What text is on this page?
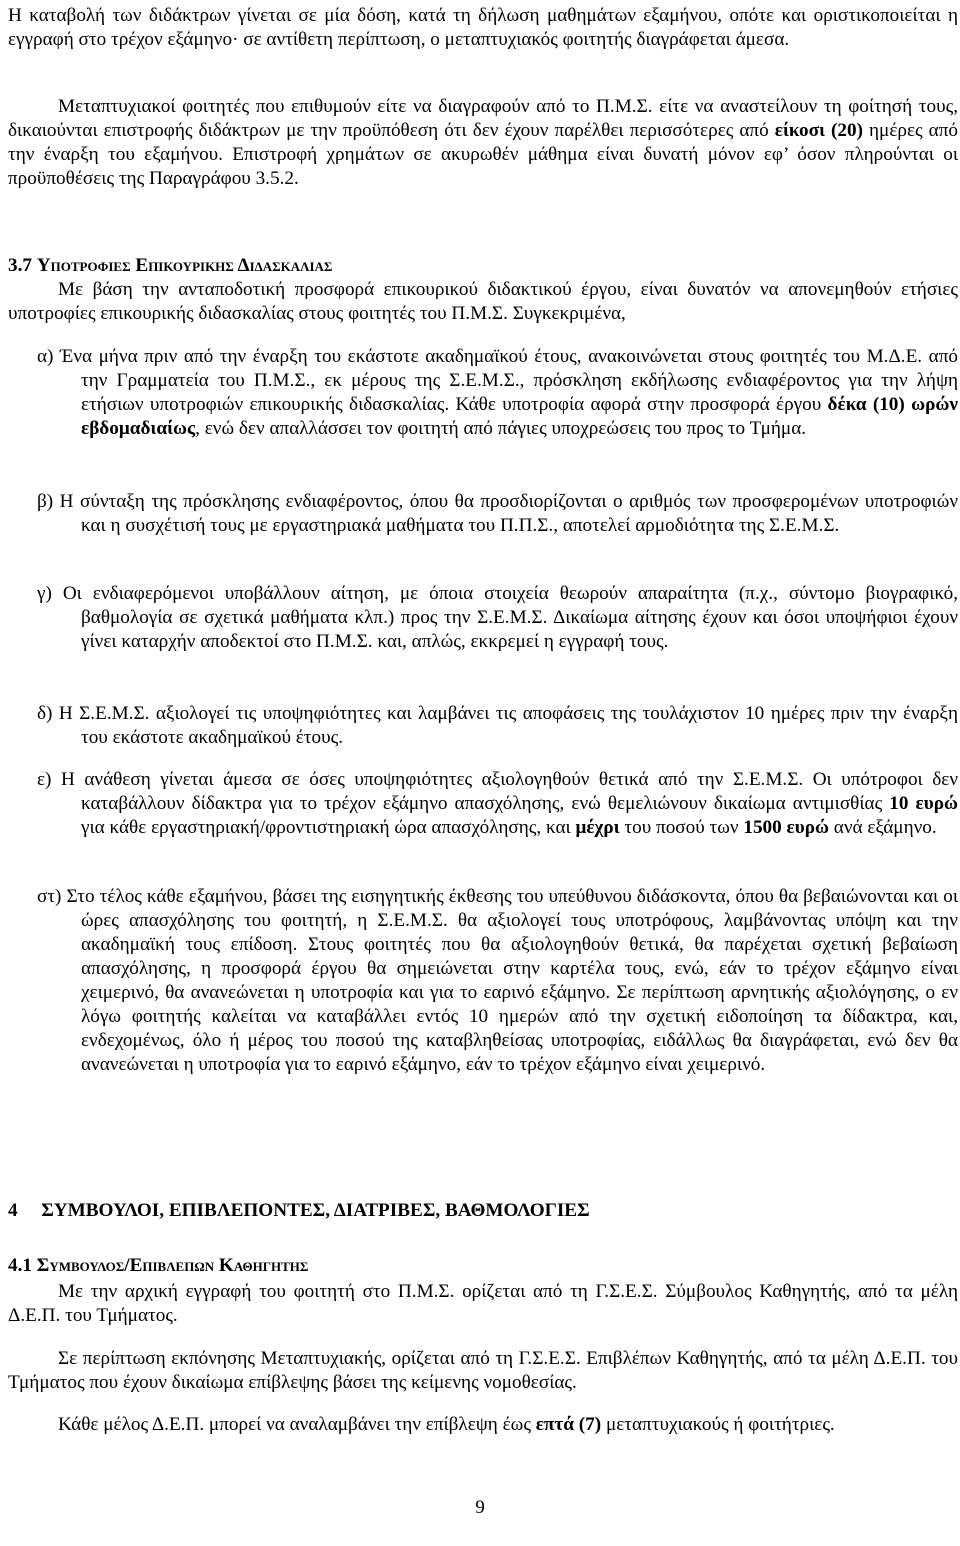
Η καταβολή των διδάκτρων γίνεται σε μία δόση, κατά τη δήλωση μαθημάτων εξαμήνου, οπότε και οριστικοποιείται η εγγραφή στο τρέχον εξάμηνο· σε αντίθετη περίπτωση, ο μεταπτυχιακός φοιτητής διαγράφεται άμεσα.

Μεταπτυχιακοί φοιτητές που επιθυμούν είτε να διαγραφούν από το Π.Μ.Σ. είτε να αναστείλουν τη φοίτησή τους, δικαιούνται επιστροφής διδάκτρων με την προϋπόθεση ότι δεν έχουν παρέλθει περισσότερες από είκοσι (20) ημέρες από την έναρξη του εξαμήνου. Επιστροφή χρημάτων σε ακυρωθέν μάθημα είναι δυνατή μόνον εφ’ όσον πληρούνται οι προϋποθέσεις της Παραγράφου 3.5.2.

3.7 Υποτροφιες Επικουρικης Διδασκαλιας

Με βάση την ανταποδοτική προσφορά επικουρικού διδακτικού έργου, είναι δυνατόν να απονεμηθούν ετήσιες υποτροφίες επικουρικής διδασκαλίας στους φοιτητές του Π.Μ.Σ. Συγκεκριμένα,

α) Ένα μήνα πριν από την έναρξη του εκάστοτε ακαδημαϊκού έτους, ανακοινώνεται στους φοιτητές του Μ.Δ.Ε. από την Γραμματεία του Π.Μ.Σ., εκ μέρους της Σ.Ε.Μ.Σ., πρόσκληση εκδήλωσης ενδιαφέροντος για την λήψη ετήσιων υποτροφιών επικουρικής διδασκαλίας. Κάθε υποτροφία αφορά στην προσφορά έργου δέκα (10) ωρών εβδομαδιαίως, ενώ δεν απαλλάσσει τον φοιτητή από πάγιες υποχρεώσεις του προς το Τμήμα.

β) Η σύνταξη της πρόσκλησης ενδιαφέροντος, όπου θα προσδιορίζονται ο αριθμός των προσφερομένων υποτροφιών και η συσχέτισή τους με εργαστηριακά μαθήματα του Π.Π.Σ., αποτελεί αρμοδιότητα της Σ.Ε.Μ.Σ.

γ) Οι ενδιαφερόμενοι υποβάλλουν αίτηση, με όποια στοιχεία θεωρούν απαραίτητα (π.χ., σύντομο βιογραφικό, βαθμολογία σε σχετικά μαθήματα κλπ.) προς την Σ.Ε.Μ.Σ. Δικαίωμα αίτησης έχουν και όσοι υποψήφιοι έχουν γίνει καταρχήν αποδεκτοί στο Π.Μ.Σ. και, απλώς, εκκρεμεί η εγγραφή τους.

δ) Η Σ.Ε.Μ.Σ. αξιολογεί τις υποψηφιότητες και λαμβάνει τις αποφάσεις της τουλάχιστον 10 ημέρες πριν την έναρξη του εκάστοτε ακαδημαϊκού έτους.

ε) Η ανάθεση γίνεται άμεσα σε όσες υποψηφιότητες αξιολογηθούν θετικά από την Σ.Ε.Μ.Σ. Οι υπότροφοι δεν καταβάλλουν δίδακτρα για το τρέχον εξάμηνο απασχόλησης, ενώ θεμελιώνουν δικαίωμα αντιμισθίας 10 ευρώ για κάθε εργαστηριακή/φροντιστηριακή ώρα απασχόλησης, και μέχρι του ποσού των 1500 ευρώ ανά εξάμηνο.

στ) Στο τέλος κάθε εξαμήνου, βάσει της εισηγητικής έκθεσης του υπεύθυνου διδάσκοντα, όπου θα βεβαιώνονται και οι ώρες απασχόλησης του φοιτητή, η Σ.Ε.Μ.Σ. θα αξιολογεί τους υποτρόφους, λαμβάνοντας υπόψη και την ακαδημαϊκή τους επίδοση. Στους φοιτητές που θα αξιολογηθούν θετικά, θα παρέχεται σχετική βεβαίωση απασχόλησης, η προσφορά έργου θα σημειώνεται στην καρτέλα τους, ενώ, εάν το τρέχον εξάμηνο είναι χειμερινό, θα ανανεώνεται η υποτροφία και για το εαρινό εξάμηνο. Σε περίπτωση αρνητικής αξιολόγησης, ο εν λόγω φοιτητής καλείται να καταβάλλει εντός 10 ημερών από την σχετική ειδοποίηση τα δίδακτρα, και, ενδεχομένως, όλο ή μέρος του ποσού της καταβληθείσας υποτροφίας, ειδάλλως θα διαγράφεται, ενώ δεν θα ανανεώνεται η υποτροφία για το εαρινό εξάμηνο, εάν το τρέχον εξάμηνο είναι χειμερινό.

4 ΣΥΜΒΟΥΛΟΙ, ΕΠΙΒΛΕΠΟΝΤΕΣ, ΔΙΑΤΡΙΒΕΣ, ΒΑΘΜΟΛΟΓΙΕΣ
4.1 Συμβουλος/Επιβλεπων Καθηγητης

Με την αρχική εγγραφή του φοιτητή στο Π.Μ.Σ. ορίζεται από τη Γ.Σ.Ε.Σ. Σύμβουλος Καθηγητής, από τα μέλη Δ.Ε.Π. του Τμήματος.

Σε περίπτωση εκπόνησης Μεταπτυχιακής, ορίζεται από τη Γ.Σ.Ε.Σ. Επιβλέπων Καθηγητής, από τα μέλη Δ.Ε.Π. του Τμήματος που έχουν δικαίωμα επίβλεψης βάσει της κείμενης νομοθεσίας.

Κάθε μέλος Δ.Ε.Π. μπορεί να αναλαμβάνει την επίβλεψη έως επτά (7) μεταπτυχιακούς ή φοιτήτριες.

9
